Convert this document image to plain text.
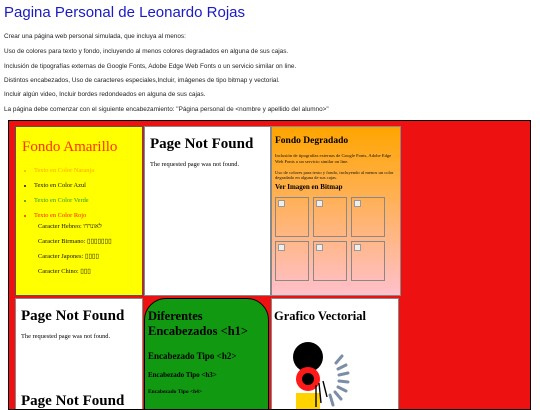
Pagina Personal de Leonardo Rojas

Crear una página web personal simulada, que incluya al menos:

Uso de colores para texto y fondo, incluyendo al menos colores degradados en alguna de sus cajas.

Inclusión de tipografías externas de Google Fonts, Adobe Edge Web Fonts o un servicio similar on line.

Distintos encabezados, Uso de caracteres especiales,Incluir, imágenes de tipo bitmap y vectorial.

Incluir algún video, Incluir bordes redondeados en alguna de sus cajas.

La página debe comenzar con el siguiente encabezamiento: "Página personal de <nombre y apellido del alumno>"

Fondo Amarillo
• Texto en Color Naranja
• Texto en Color Azul
• Texto en Color Verde
• Texto en Color Rojo
Caracter Hebreo: לאונרדו
Caracter Birmano: ▯▯▯▯▯▯▯
Caracter Japones: ▯▯▯▯
Caracter Chino: ▯▯▯
Page Not Found

The requested page was not found.

Fondo Degradado

Inclusión de tipografías externas de Google Fonts, Adobe Edge Web Fonts o un servicio similar on line.

Uso de colores para texto y fondo, incluyendo al menos un color degradado en alguna de sus cajas.

Ver Imagen en Bitmap
Page Not Found

The requested page was not found.

Page Not Found
Diferentes Encabezados <h1>
Encabezado Tipo <h2>
Encabezado Tipo <h3>
Encabezado Tipo <h4>
Grafico Vectorial
